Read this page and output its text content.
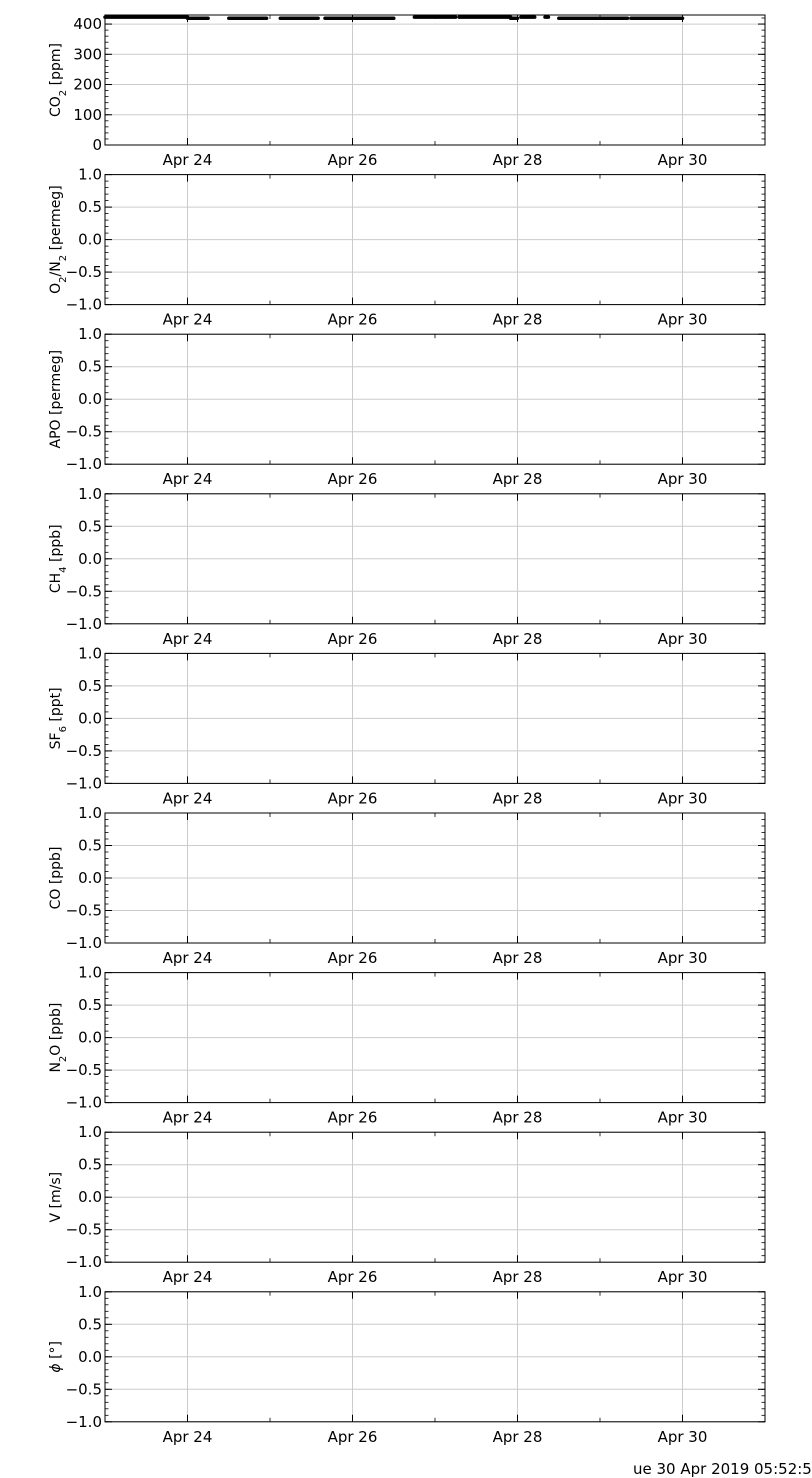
0
100
200
300
400
Apr 24	Apr 26	Apr 28	Apr 30
$CO_2$ [ppm]
−1.0
−0.5
0.0
0.5
1.0
Apr 24	Apr 26	Apr 28	Apr 30
$O_2/N_2$ [permeg]
−1.0
−0.5
0.0
0.5
1.0
Apr 24	Apr 26	Apr 28	Apr 30
APO [permeg]
−1.0
−0.5
0.0
0.5
1.0
Apr 24	Apr 26	Apr 28	Apr 30
$CH_4$ [ppb]
−1.0
−0.5
0.0
0.5
1.0
Apr 24	Apr 26	Apr 28	Apr 30
$SF_6$ [ppt]
−1.0
−0.5
0.0
0.5
1.0
Apr 24	Apr 26	Apr 28	Apr 30
CO [ppb]
−1.0
−0.5
0.0
0.5
1.0
Apr 24	Apr 26	Apr 28	Apr 30
$N_2O$ [ppb]
−1.0
−0.5
0.0
0.5
1.0
Apr 24	Apr 26	Apr 28	Apr 30
V [m/s]
−1.0
−0.5
0.0
0.5
1.0
Apr 24	Apr 26	Apr 28	Apr 30
ϕ [°]
ue 30 Apr 2019 05:52:5
